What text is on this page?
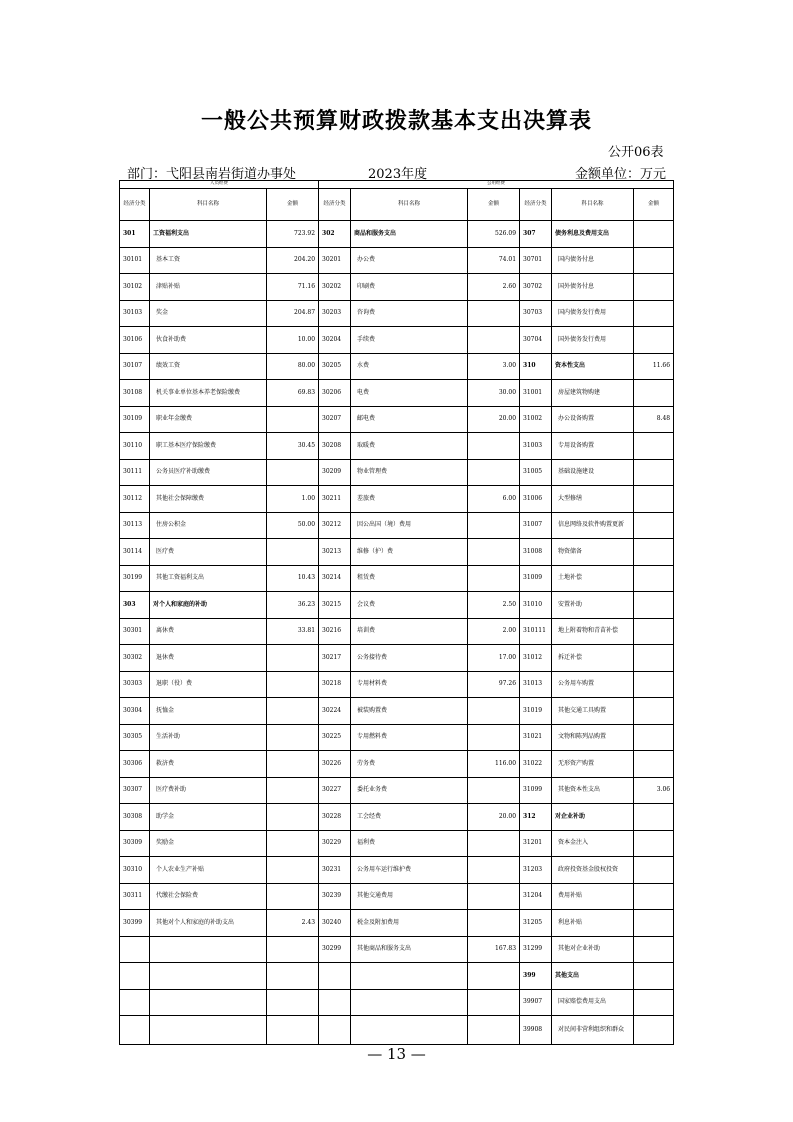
一般公共预算财政拨款基本支出决算表
公开06表
部门：弋阳县南岩街道办事处	2023年度	金额单位：万元
人员经费			公用经费					
经济分类	科目名称	金额	经济分类	科目名称	金额	经济分类	科目名称	金额
301	工资福利支出	723.92	302	商品和服务支出	526.09	307	债务利息及费用支出	
30101	基本工资	204.20	30201	办公费	74.01	30701	国内债务付息	
30102	津贴补贴	71.16	30202	印刷费	2.60	30702	国外债务付息	
30103	奖金	204.87	30203	咨询费		30703	国内债务发行费用	
30106	伙食补助费	10.00	30204	手续费		30704	国外债务发行费用	
30107	绩效工资	80.00	30205	水费	3.00	310	资本性支出	11.66
30108	机关事业单位基本养老保险缴费	69.83	30206	电费	30.00	31001	房屋建筑物购建	
30109	职业年金缴费		30207	邮电费	20.00	31002	办公设备购置	8.48
30110	职工基本医疗保险缴费	30.45	30208	取暖费		31003	专用设备购置	
30111	公务员医疗补助缴费		30209	物业管理费		31005	基础设施建设	
30112	其他社会保障缴费	1.00	30211	差旅费	6.00	31006	大型修缮	
30113	住房公积金	50.00	30212	因公出国（境）费用		31007	信息网络及软件购置更新	
30114	医疗费		30213	维修（护）费		31008	物资储备	
30199	其他工资福利支出	10.43	30214	租赁费		31009	土地补偿	
303	对个人和家庭的补助	36.23	30215	会议费	2.50	31010	安置补助	
30301	离休费	33.81	30216	培训费	2.00	310111	地上附着物和青苗补偿	
30302	退休费		30217	公务接待费	17.00	31012	拆迁补偿	
30303	退职（役）费		30218	专用材料费	97.26	31013	公务用车购置	
30304	抚恤金		30224	被装购置费		31019	其他交通工具购置	
30305	生活补助		30225	专用燃料费		31021	文物和陈列品购置	
30306	救济费		30226	劳务费	116.00	31022	无形资产购置	
30307	医疗费补助		30227	委托业务费		31099	其他资本性支出	3.06
30308	助学金		30228	工会经费	20.00	312	对企业补助	
30309	奖励金		30229	福利费		31201	资本金注入	
30310	个人农业生产补贴		30231	公务用车运行维护费		31203	政府投资基金股权投资	
30311	代缴社会保险费		30239	其他交通费用		31204	费用补贴	
30399	其他对个人和家庭的补助支出	2.43	30240	税金及附加费用		31205	利息补贴	
			30299	其他商品和服务支出	167.83	31299	其他对企业补助	
						399	其他支出	
						39907	国家赔偿费用支出	
						39908	对民间非营利组织和群众	
— 13 —
